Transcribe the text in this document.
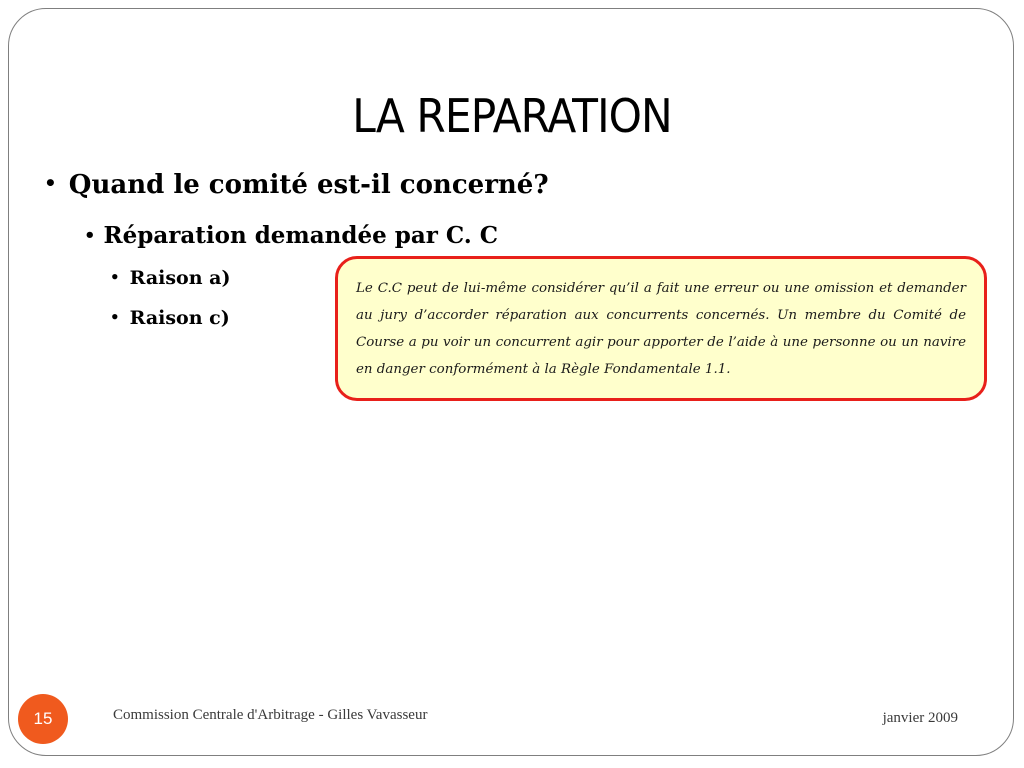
LA REPARATION
• Quand le comité est-il concerné?
• Réparation demandée par C. C
• Raison a)
• Raison c)
Le C.C peut de lui-même considérer qu’il a fait une erreur ou une omission et demander au jury d’accorder réparation aux concurrents concernés. Un membre du Comité de Course a pu voir un concurrent agir pour apporter de l’aide à une personne ou un navire en danger conformément à la Règle Fondamentale 1.1.
15	Commission Centrale d'Arbitrage - Gilles Vavasseur	janvier 2009
